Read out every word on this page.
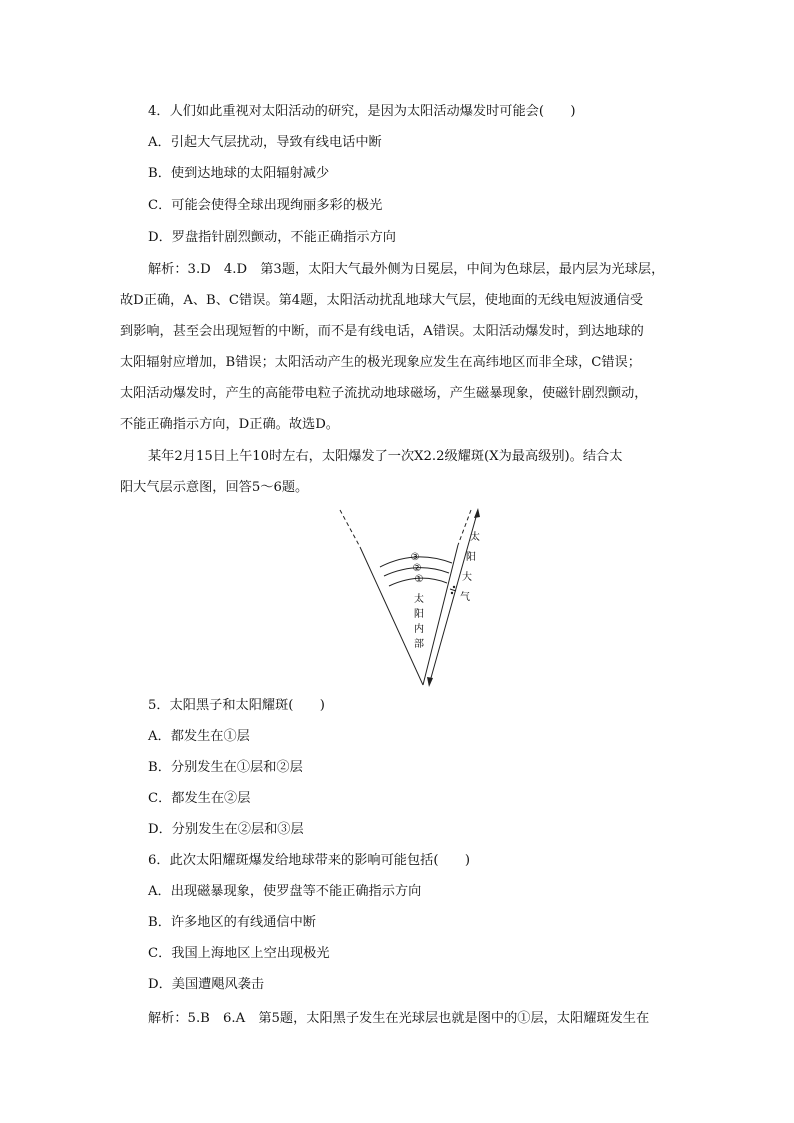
4．人们如此重视对太阳活动的研究，是因为太阳活动爆发时可能会(　　)
A．引起大气层扰动，导致有线电话中断
B．使到达地球的太阳辐射减少
C．可能会使得全球出现绚丽多彩的极光
D．罗盘指针剧烈颤动，不能正确指示方向
解析：3.D　4.D　第3题，太阳大气最外侧为日冕层，中间为色球层，最内层为光球层，
故D正确，A、B、C错误。第4题，太阳活动扰乱地球大气层，使地面的无线电短波通信受
到影响，甚至会出现短暂的中断，而不是有线电话，A错误。太阳活动爆发时，到达地球的
太阳辐射应增加，B错误；太阳活动产生的极光现象应发生在高纬地区而非全球，C错误；
太阳活动爆发时，产生的高能带电粒子流扰动地球磁场，产生磁暴现象，使磁针剧烈颤动，
不能正确指示方向，D正确。故选D。
某年2月15日上午10时左右，太阳爆发了一次X2.2级耀斑(X为最高级别)。结合太
阳大气层示意图，回答5～6题。
③
②
①
太
阳
内
部
太
阳
大
气
5．太阳黑子和太阳耀斑(　　)
A．都发生在①层
B．分别发生在①层和②层
C．都发生在②层
D．分别发生在②层和③层
6．此次太阳耀斑爆发给地球带来的影响可能包括(　　)
A．出现磁暴现象，使罗盘等不能正确指示方向
B．许多地区的有线通信中断
C．我国上海地区上空出现极光
D．美国遭飓风袭击
解析：5.B　6.A　第5题，太阳黑子发生在光球层也就是图中的①层，太阳耀斑发生在
